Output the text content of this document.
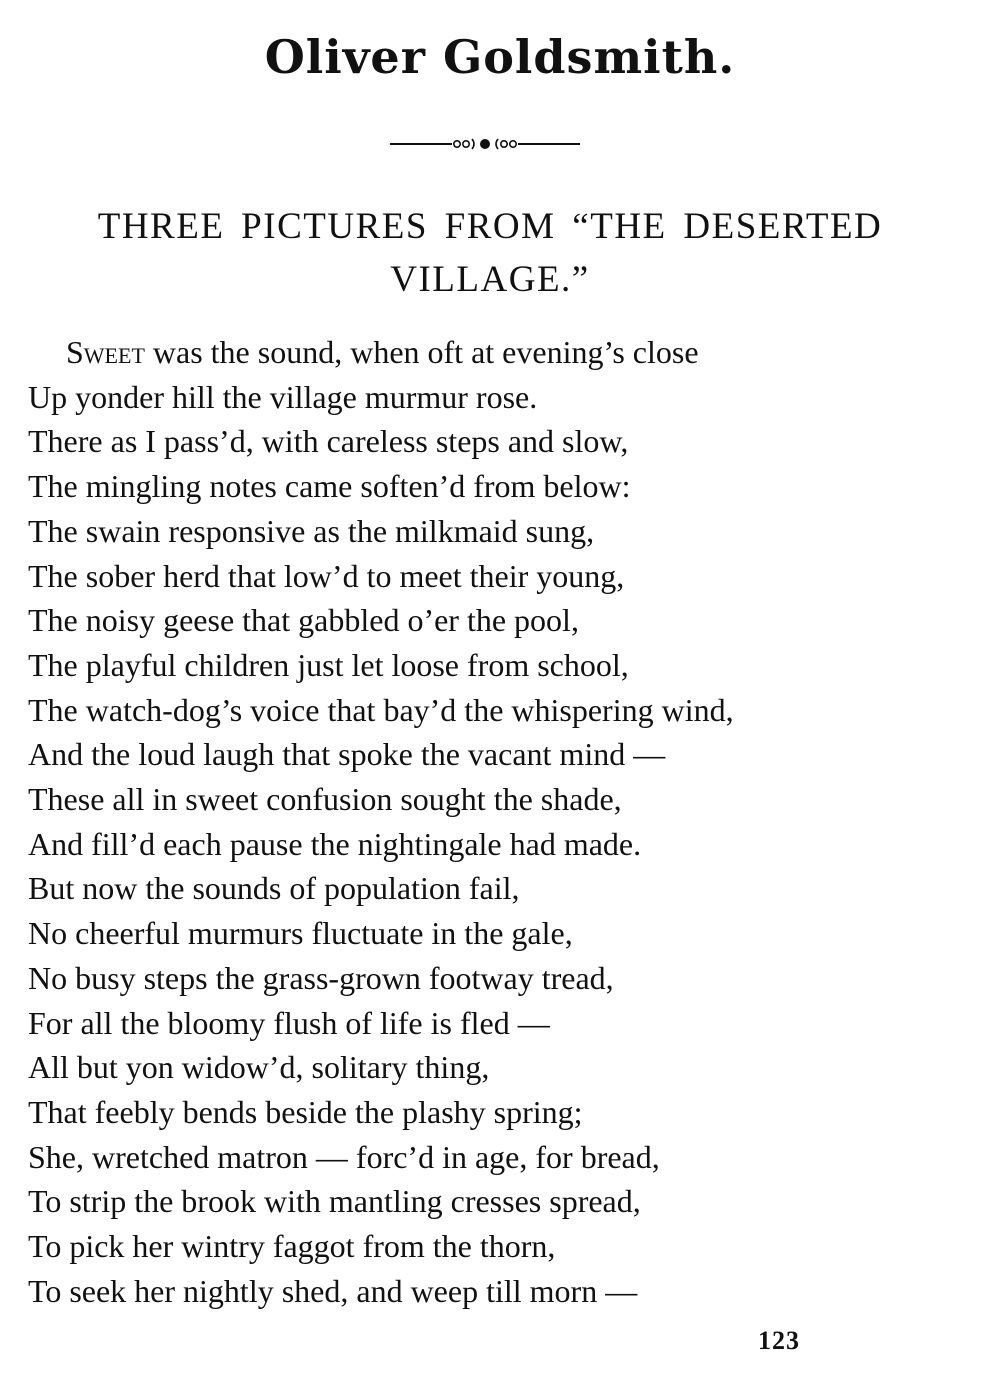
Oliver Goldsmith.
THREE PICTURES FROM “THE DESERTED
VILLAGE.”
Sweet was the sound, when oft at evening’s close
Up yonder hill the village murmur rose.
There as I pass’d, with careless steps and slow,
The mingling notes came soften’d from below:
The swain responsive as the milkmaid sung,
The sober herd that low’d to meet their young,
The noisy geese that gabbled o’er the pool,
The playful children just let loose from school,
The watch-dog’s voice that bay’d the whispering wind,
And the loud laugh that spoke the vacant mind —
These all in sweet confusion sought the shade,
And fill’d each pause the nightingale had made.
But now the sounds of population fail,
No cheerful murmurs fluctuate in the gale,
No busy steps the grass-grown footway tread,
For all the bloomy flush of life is fled —
All but yon widow’d, solitary thing,
That feebly bends beside the plashy spring;
She, wretched matron — forc’d in age, for bread,
To strip the brook with mantling cresses spread,
To pick her wintry faggot from the thorn,
To seek her nightly shed, and weep till morn —
123
